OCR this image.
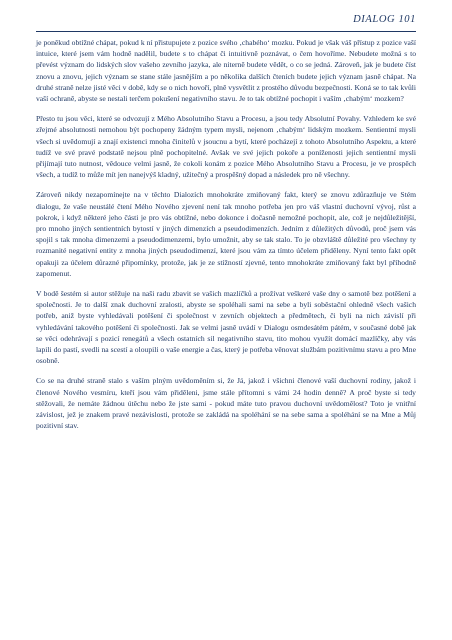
DIALOG 101

je poněkud obtížné chápat, pokud k ní přistupujete z pozice svého ‚chabého‘ mozku. Pokud je však váš přístup z pozice vaší intuice, které jsem vám hodně nadělil, budete s to chápat či intuitivně poznávat, o čem hovoříme. Nebudete možná s to převést význam do lidských slov vašeho zevního jazyka, ale niterně budete vědět, o co se jedná. Zároveň, jak je budete číst znovu a znovu, jejich význam se stane stále jasnějším a po několika dalších čteních budete jejich význam jasně chápat. Na druhé straně nelze jisté věci v době, kdy se o nich hovoří, plně vysvětlit z prostého důvodu bezpečnosti. Koná se to tak kvůli vaší ochraně, abyste se nestali terčem pokušení negativního stavu. Je to tak obtížné pochopit i vaším ‚chabým‘ mozkem?

Přesto tu jsou věci, které se odvozují z Mého Absolutního Stavu a Procesu, a jsou tedy Absolutní Povahy. Vzhledem ke své zřejmé absolutnosti nemohou být pochopeny žádným typem mysli, nejenom ‚chabým‘ lidským mozkem. Sentientní mysli všech si uvědomují a znají existenci mnoha činitelů v jsoucnu a bytí, které pocházejí z tohoto Absolutního Aspektu, a které tudíž ve své pravé podstatě nejsou plně pochopitelné. Avšak ve své jejich pokoře a poníženosti jejich sentientní mysli přijímají tuto nutnost, vědouce velmi jasně, že cokoli konám z pozice Mého Absolutního Stavu a Procesu, je ve prospěch všech, a tudíž to může mít jen nanejvýš kladný, užitečný a prospěšný dopad a následek pro ně všechny.

Zároveň nikdy nezapomínejte na v těchto Dialozích mnohokráte zmiňovaný fakt, který se znovu zdůrazňuje ve Stém dialogu, že vaše neustálé čtení Mého Nového zjevení není tak mnoho potřeba jen pro váš vlastní duchovní vývoj, růst a pokrok, i když některé jeho části je pro vás obtížné, nebo dokonce i dočasně nemožné pochopit, ale, což je nejdůležitější, pro mnoho jiných sentientních bytostí v jiných dimenzích a pseudodimenzích. Jedním z důležitých důvodů, proč jsem vás spojil s tak mnoha dimenzemi a pseudodimenzemi, bylo umožnit, aby se tak stalo. To je obzvláště důležité pro všechny ty rozmanité negativní entity z mnoha jiných pseudodimenzí, které jsou vám za tímto účelem přiděleny. Nyní tento fakt opět opakuji za účelem důrazné připomínky, protože, jak je ze stížností zjevné, tento mnohokráte zmiňovaný fakt byl příhodně zapomenut.

V bodě šestém si autor stěžuje na naši radu zbavit se vašich mazlíčků a prožívat veškeré vaše dny o samotě bez potěšení a společnosti. Je to další znak duchovní zralosti, abyste se spoléhali sami na sebe a byli soběstační ohledně všech vašich potřeb, aniž byste vyhledávali potěšení či společnost v zevních objektech a předmětech, či byli na nich závislí při vyhledávání takového potěšení či společnosti. Jak se velmi jasně uvádí v Dialogu osmdesátém pátém, v současné době jak se věci odehrávají s pozicí renegátů a všech ostatních sil negativního stavu, tito mohou využít domácí mazlíčky, aby vás lapili do pastí, svedli na scestí a oloupili o vaše energie a čas, který je potřeba věnovat službám pozitivnímu stavu a pro Mne osobně.

Co se na druhé straně stalo s vaším plným uvědoměním si, že Já, jakož i všichni členové vaší duchovní rodiny, jakož i členové Nového vesmíru, kteří jsou vám přiděleni, jsme stále přítomni s vámi 24 hodin denně? A proč byste si tedy stěžovali, že nemáte žádnou útěchu nebo že jste sami - pokud máte tuto pravou duchovní uvědomělost? Toto je vnitřní závislost, jež je znakem pravé nezávislosti, protože se zakládá na spoléhání se na sebe sama a spoléhání se na Mne a Můj pozitivní stav.
